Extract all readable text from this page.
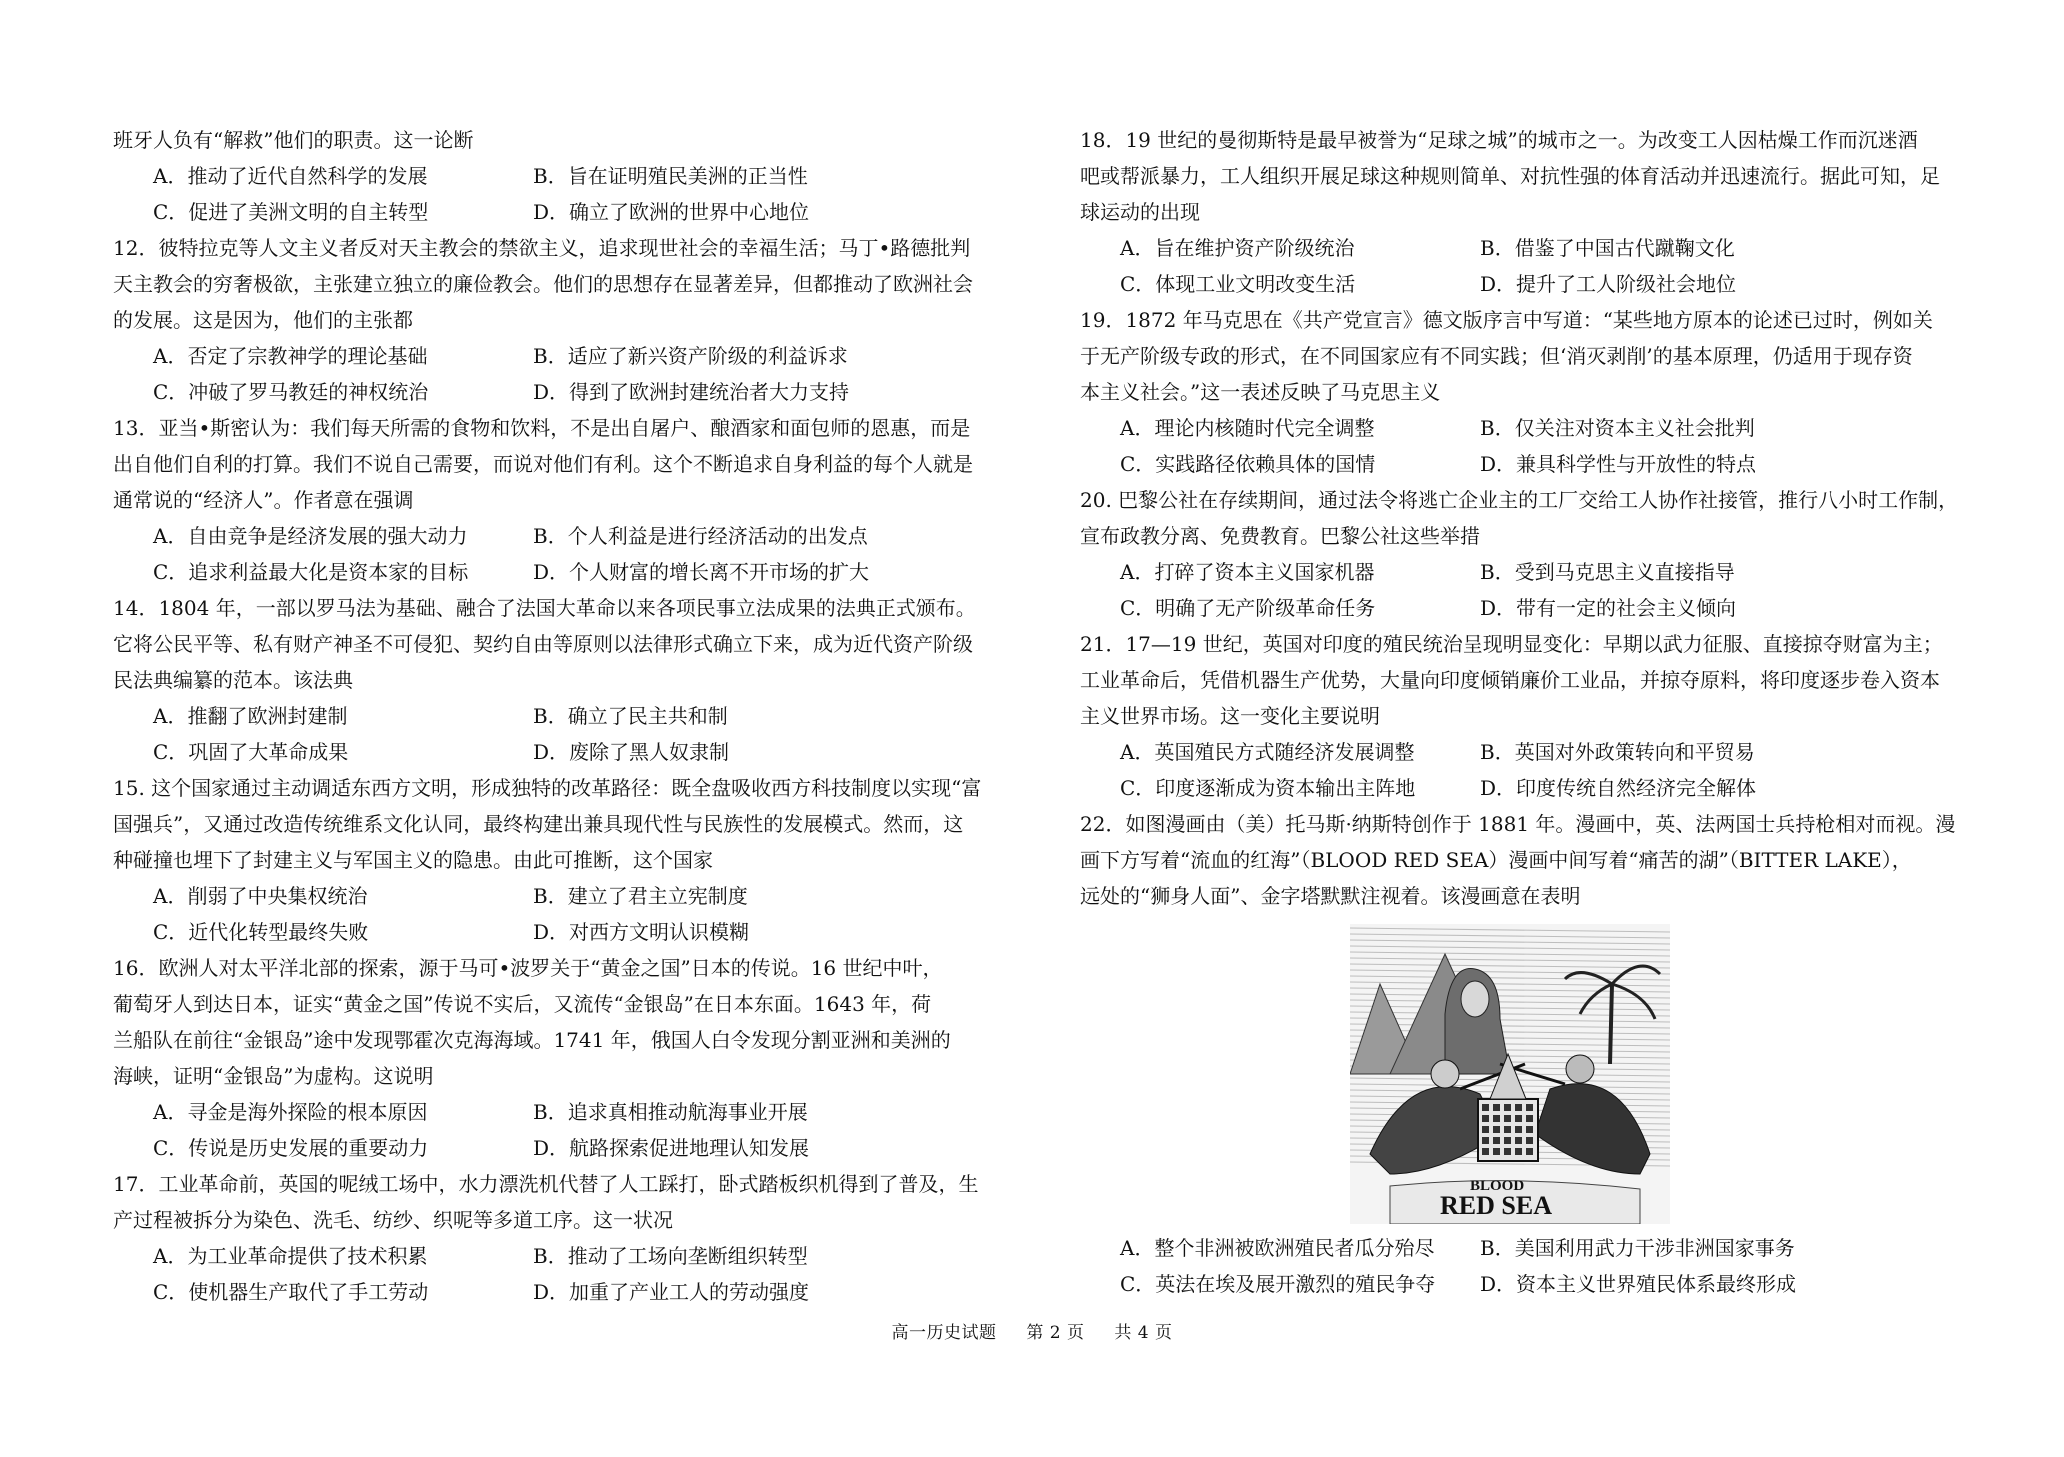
班牙人负有“解救”他们的职责。这一论断
A．推动了近代自然科学的发展	B．旨在证明殖民美洲的正当性
C．促进了美洲文明的自主转型	D．确立了欧洲的世界中心地位
12．彼特拉克等人文主义者反对天主教会的禁欲主义，追求现世社会的幸福生活；马丁•路德批判
天主教会的穷奢极欲，主张建立独立的廉俭教会。他们的思想存在显著差异，但都推动了欧洲社会
的发展。这是因为，他们的主张都
A．否定了宗教神学的理论基础	B．适应了新兴资产阶级的利益诉求
C．冲破了罗马教廷的神权统治	D．得到了欧洲封建统治者大力支持
13．亚当•斯密认为：我们每天所需的食物和饮料，不是出自屠户、酿酒家和面包师的恩惠，而是
出自他们自利的打算。我们不说自己需要，而说对他们有利。这个不断追求自身利益的每个人就是
通常说的“经济人”。作者意在强调
A．自由竞争是经济发展的强大动力	B．个人利益是进行经济活动的出发点
C．追求利益最大化是资本家的目标	D．个人财富的增长离不开市场的扩大
14．1804 年，一部以罗马法为基础、融合了法国大革命以来各项民事立法成果的法典正式颁布。
它将公民平等、私有财产神圣不可侵犯、契约自由等原则以法律形式确立下来，成为近代资产阶级
民法典编纂的范本。该法典
A．推翻了欧洲封建制	B．确立了民主共和制
C．巩固了大革命成果	D．废除了黑人奴隶制
15. 这个国家通过主动调适东西方文明，形成独特的改革路径：既全盘吸收西方科技制度以实现“富
国强兵”，又通过改造传统维系文化认同，最终构建出兼具现代性与民族性的发展模式。然而，这
种碰撞也埋下了封建主义与军国主义的隐患。由此可推断，这个国家
A．削弱了中央集权统治	B．建立了君主立宪制度
C．近代化转型最终失败	D．对西方文明认识模糊
16．欧洲人对太平洋北部的探索，源于马可•波罗关于“黄金之国”日本的传说。16 世纪中叶，
葡萄牙人到达日本，证实“黄金之国”传说不实后，又流传“金银岛”在日本东面。1643 年，荷
兰船队在前往“金银岛”途中发现鄂霍次克海海域。1741 年，俄国人白令发现分割亚洲和美洲的
海峡，证明“金银岛”为虚构。这说明
A．寻金是海外探险的根本原因	B．追求真相推动航海事业开展
C．传说是历史发展的重要动力	D．航路探索促进地理认知发展
17．工业革命前，英国的呢绒工场中，水力漂洗机代替了人工踩打，卧式踏板织机得到了普及，生
产过程被拆分为染色、洗毛、纺纱、织呢等多道工序。这一状况
A．为工业革命提供了技术积累	B．推动了工场向垄断组织转型
C．使机器生产取代了手工劳动	D．加重了产业工人的劳动强度
18．19 世纪的曼彻斯特是最早被誉为“足球之城”的城市之一。为改变工人因枯燥工作而沉迷酒
吧或帮派暴力，工人组织开展足球这种规则简单、对抗性强的体育活动并迅速流行。据此可知，足
球运动的出现
A．旨在维护资产阶级统治	B．借鉴了中国古代蹴鞠文化
C．体现工业文明改变生活	D．提升了工人阶级社会地位
19．1872 年马克思在《共产党宣言》德文版序言中写道：“某些地方原本的论述已过时，例如关
于无产阶级专政的形式，在不同国家应有不同实践；但‘消灭剥削’的基本原理，仍适用于现存资
本主义社会。”这一表述反映了马克思主义
A．理论内核随时代完全调整	B．仅关注对资本主义社会批判
C．实践路径依赖具体的国情	D．兼具科学性与开放性的特点
20. 巴黎公社在存续期间，通过法令将逃亡企业主的工厂交给工人协作社接管，推行八小时工作制，
宣布政教分离、免费教育。巴黎公社这些举措
A．打碎了资本主义国家机器	B．受到马克思主义直接指导
C．明确了无产阶级革命任务	D．带有一定的社会主义倾向
21．17—19 世纪，英国对印度的殖民统治呈现明显变化：早期以武力征服、直接掠夺财富为主；
工业革命后，凭借机器生产优势，大量向印度倾销廉价工业品，并掠夺原料，将印度逐步卷入资本
主义世界市场。这一变化主要说明
A．英国殖民方式随经济发展调整	B．英国对外政策转向和平贸易
C．印度逐渐成为资本输出主阵地	D．印度传统自然经济完全解体
22．如图漫画由（美）托马斯·纳斯特创作于 1881 年。漫画中，英、法两国士兵持枪相对而视。漫
画下方写着“流血的红海”（BLOOD RED SEA）漫画中间写着“痛苦的湖”（BITTER LAKE），
远处的“狮身人面”、金字塔默默注视着。该漫画意在表明
BLOOD
RED SEA
A．整个非洲被欧洲殖民者瓜分殆尽 B．美国利用武力干涉非洲国家事务
C．英法在埃及展开激烈的殖民争夺 D．资本主义世界殖民体系最终形成
高一历史试题 第 2 页 共 4 页
